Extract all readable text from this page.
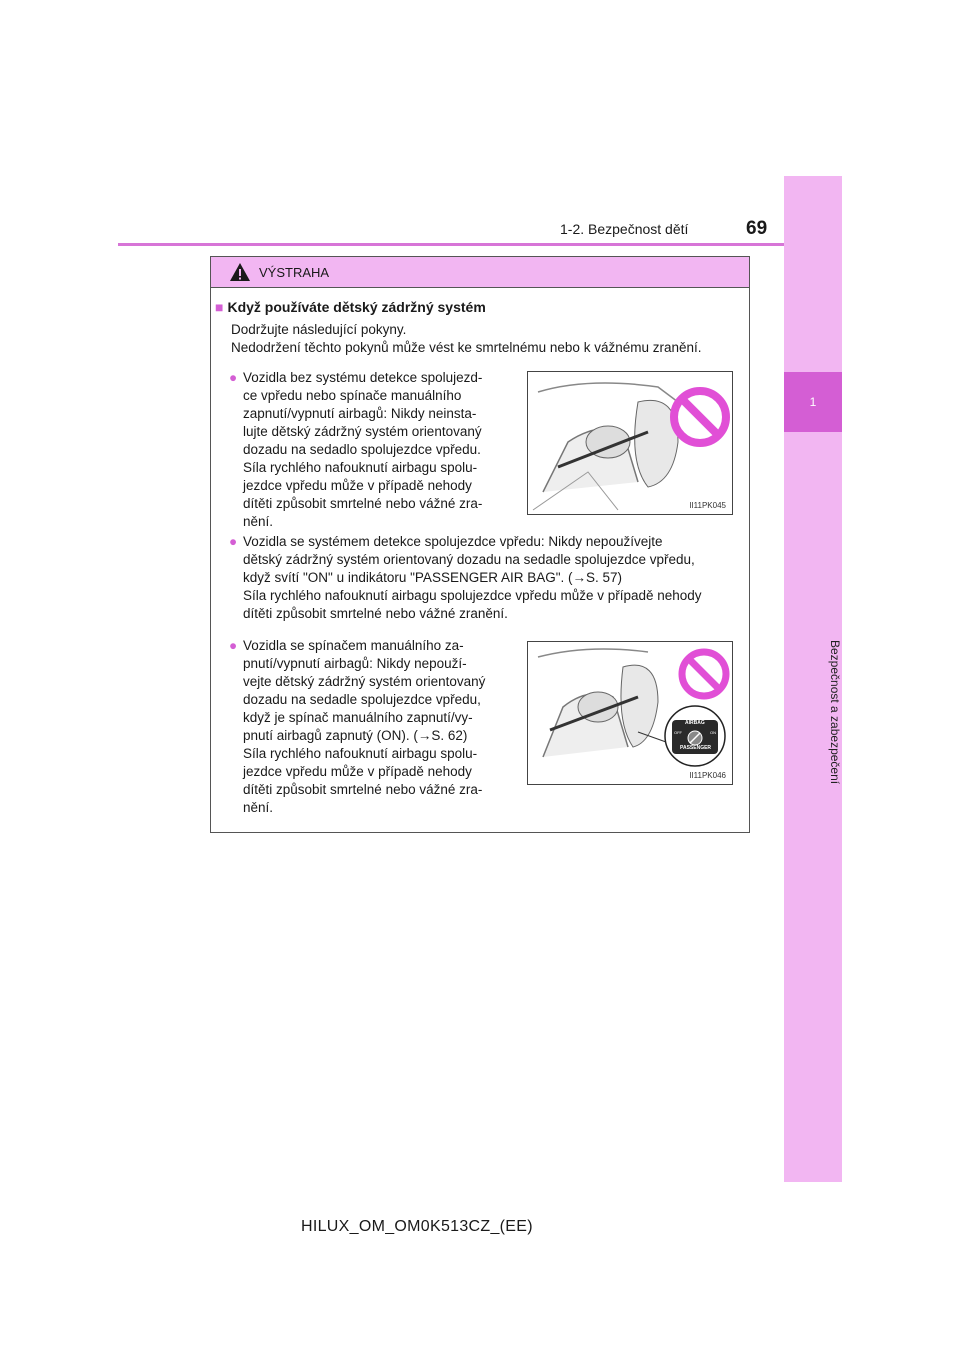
1
Bezpečnost a zabezpečení
1-2. Bezpečnost dětí	69
VÝSTRAHA
■ Když používáte dětský zádržný systém
Dodržujte následující pokyny.
Nedodržení těchto pokynů může vést ke smrtelnému nebo k vážnému zranění.
● Vozidla bez systému detekce spolujezd-
ce vpředu nebo spínače manuálního
zapnutí/vypnutí airbagů: Nikdy neinsta-
lujte dětský zádržný systém orientovaný
dozadu na sedadlo spolujezdce vpředu.
Síla rychlého nafouknutí airbagu spolu-
jezdce vpředu může v případě nehody
dítěti způsobit smrtelné nebo vážné zra-
nění.
II11PK045
● Vozidla se systémem detekce spolujezdce vpředu: Nikdy nepoužívejte
dětský zádržný systém orientovaný dozadu na sedadle spolujezdce vpředu,
když svítí "ON" u indikátoru "PASSENGER AIR BAG". (→S. 57)
Síla rychlého nafouknutí airbagu spolujezdce vpředu může v případě nehody
dítěti způsobit smrtelné nebo vážné zranění.
● Vozidla se spínačem manuálního za-
pnutí/vypnutí airbagů: Nikdy nepouží-
vejte dětský zádržný systém orientovaný
dozadu na sedadle spolujezdce vpředu,
když je spínač manuálního zapnutí/vy-
pnutí airbagů zapnutý (ON). (→S. 62)
Síla rychlého nafouknutí airbagu spolu-
jezdce vpředu může v případě nehody
dítěti způsobit smrtelné nebo vážné zra-
nění.
AIRBAG
OFF	ON
PASSENGER
II11PK046
HILUX_OM_OM0K513CZ_(EE)
